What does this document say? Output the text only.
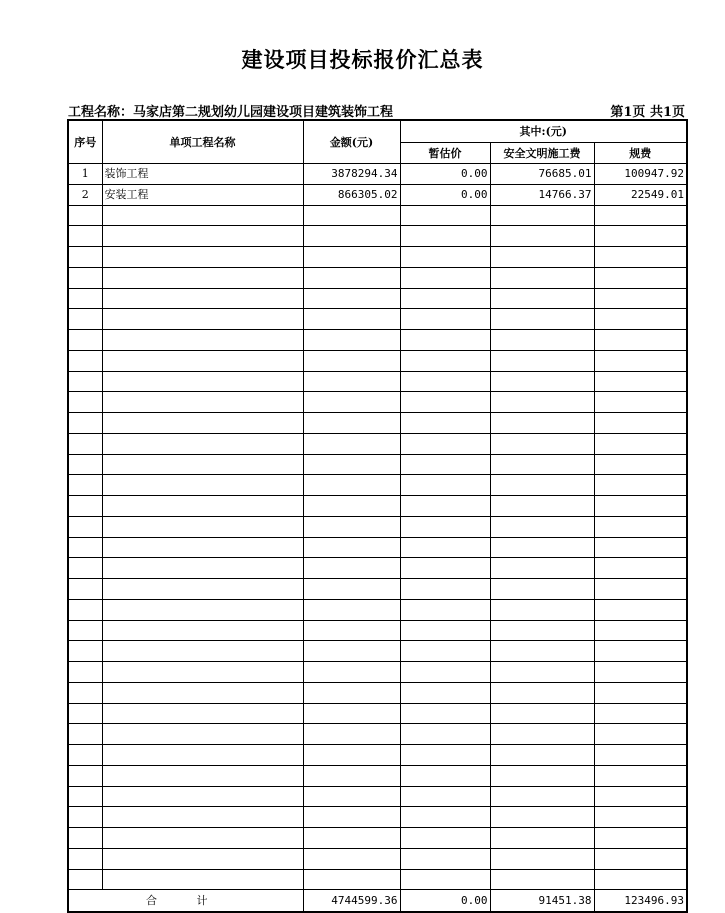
建设项目投标报价汇总表
工程名称：马家店第二规划幼儿园建设项目建筑装饰工程	第1页 共1页
序号	单项工程名称	金额(元)	其中:(元)		
			暂估价	安全文明施工费	规费
1	装饰工程	3878294.34	0.00	76685.01	100947.92
2	安装工程	866305.02	0.00	14766.37	22549.01

合 计		4744599.36	0.00	91451.38	123496.93
